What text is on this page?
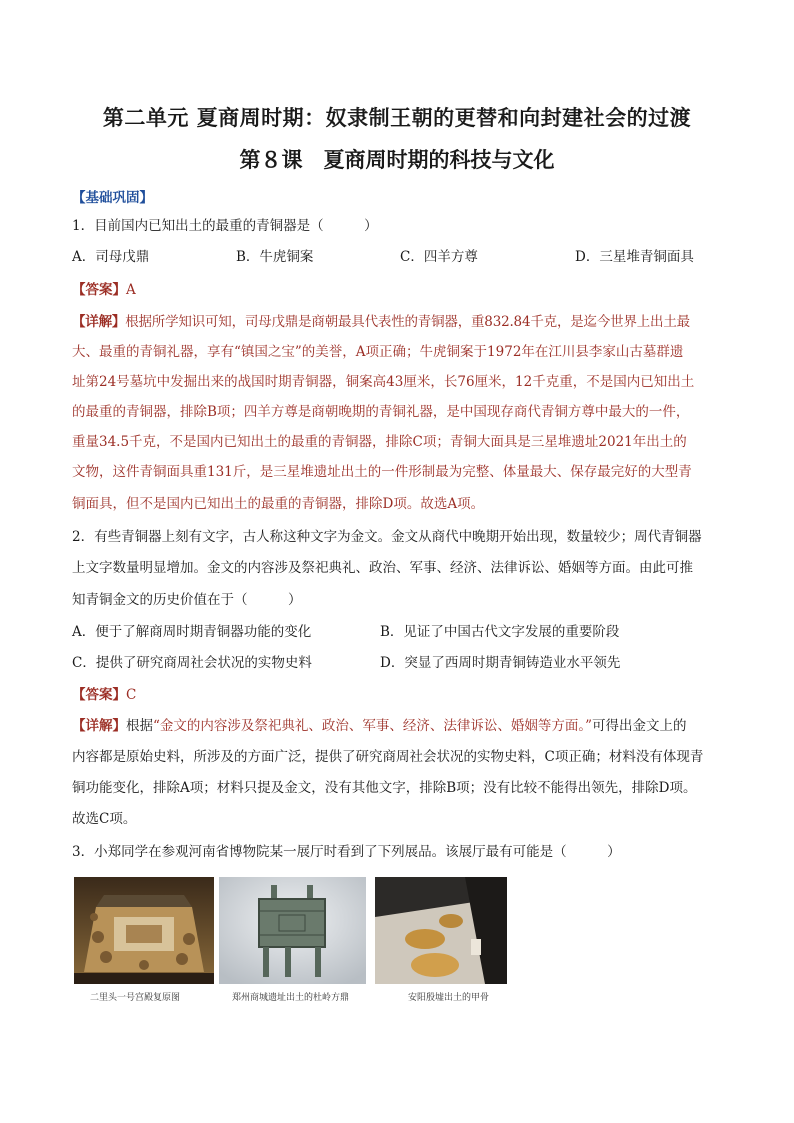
第二单元 夏商周时期：奴隶制王朝的更替和向封建社会的过渡
第８课　夏商周时期的科技与文化
【基础巩固】
1．目前国内已知出土的最重的青铜器是（　　　）
A．司母戊鼎	B．牛虎铜案	C．四羊方尊	D．三星堆青铜面具
【答案】A
【详解】根据所学知识可知，司母戊鼎是商朝最具代表性的青铜器，重832.84千克，是迄今世界上出土最
大、最重的青铜礼器，享有“镇国之宝”的美誉，A项正确；牛虎铜案于1972年在江川县李家山古墓群遗
址第24号墓坑中发掘出来的战国时期青铜器，铜案高43厘米，长76厘米，12千克重，不是国内已知出土
的最重的青铜器，排除B项；四羊方尊是商朝晚期的青铜礼器，是中国现存商代青铜方尊中最大的一件，
重量34.5千克，不是国内已知出土的最重的青铜器，排除C项；青铜大面具是三星堆遗址2021年出土的
文物，这件青铜面具重131斤，是三星堆遗址出土的一件形制最为完整、体量最大、保存最完好的大型青
铜面具，但不是国内已知出土的最重的青铜器，排除D项。故选A项。
2．有些青铜器上刻有文字，古人称这种文字为金文。金文从商代中晚期开始出现，数量较少；周代青铜器
上文字数量明显增加。金文的内容涉及祭祀典礼、政治、军事、经济、法律诉讼、婚姻等方面。由此可推
知青铜金文的历史价值在于（　　　）
A．便于了解商周时期青铜器功能的变化	B．见证了中国古代文字发展的重要阶段
C．提供了研究商周社会状况的实物史料	D．突显了西周时期青铜铸造业水平领先
【答案】C
【详解】根据“金文的内容涉及祭祀典礼、政治、军事、经济、法律诉讼、婚姻等方面。”可得出金文上的
内容都是原始史料，所涉及的方面广泛，提供了研究商周社会状况的实物史料，C项正确；材料没有体现青
铜功能变化，排除A项；材料只提及金文，没有其他文字，排除B项；没有比较不能得出领先，排除D项。
故选C项。
3．小郑同学在参观河南省博物院某一展厅时看到了下列展品。该展厅最有可能是（　　　）
二里头一号宫殿复原图	郑州商城遗址出土的杜岭方鼎	安阳殷墟出土的甲骨
